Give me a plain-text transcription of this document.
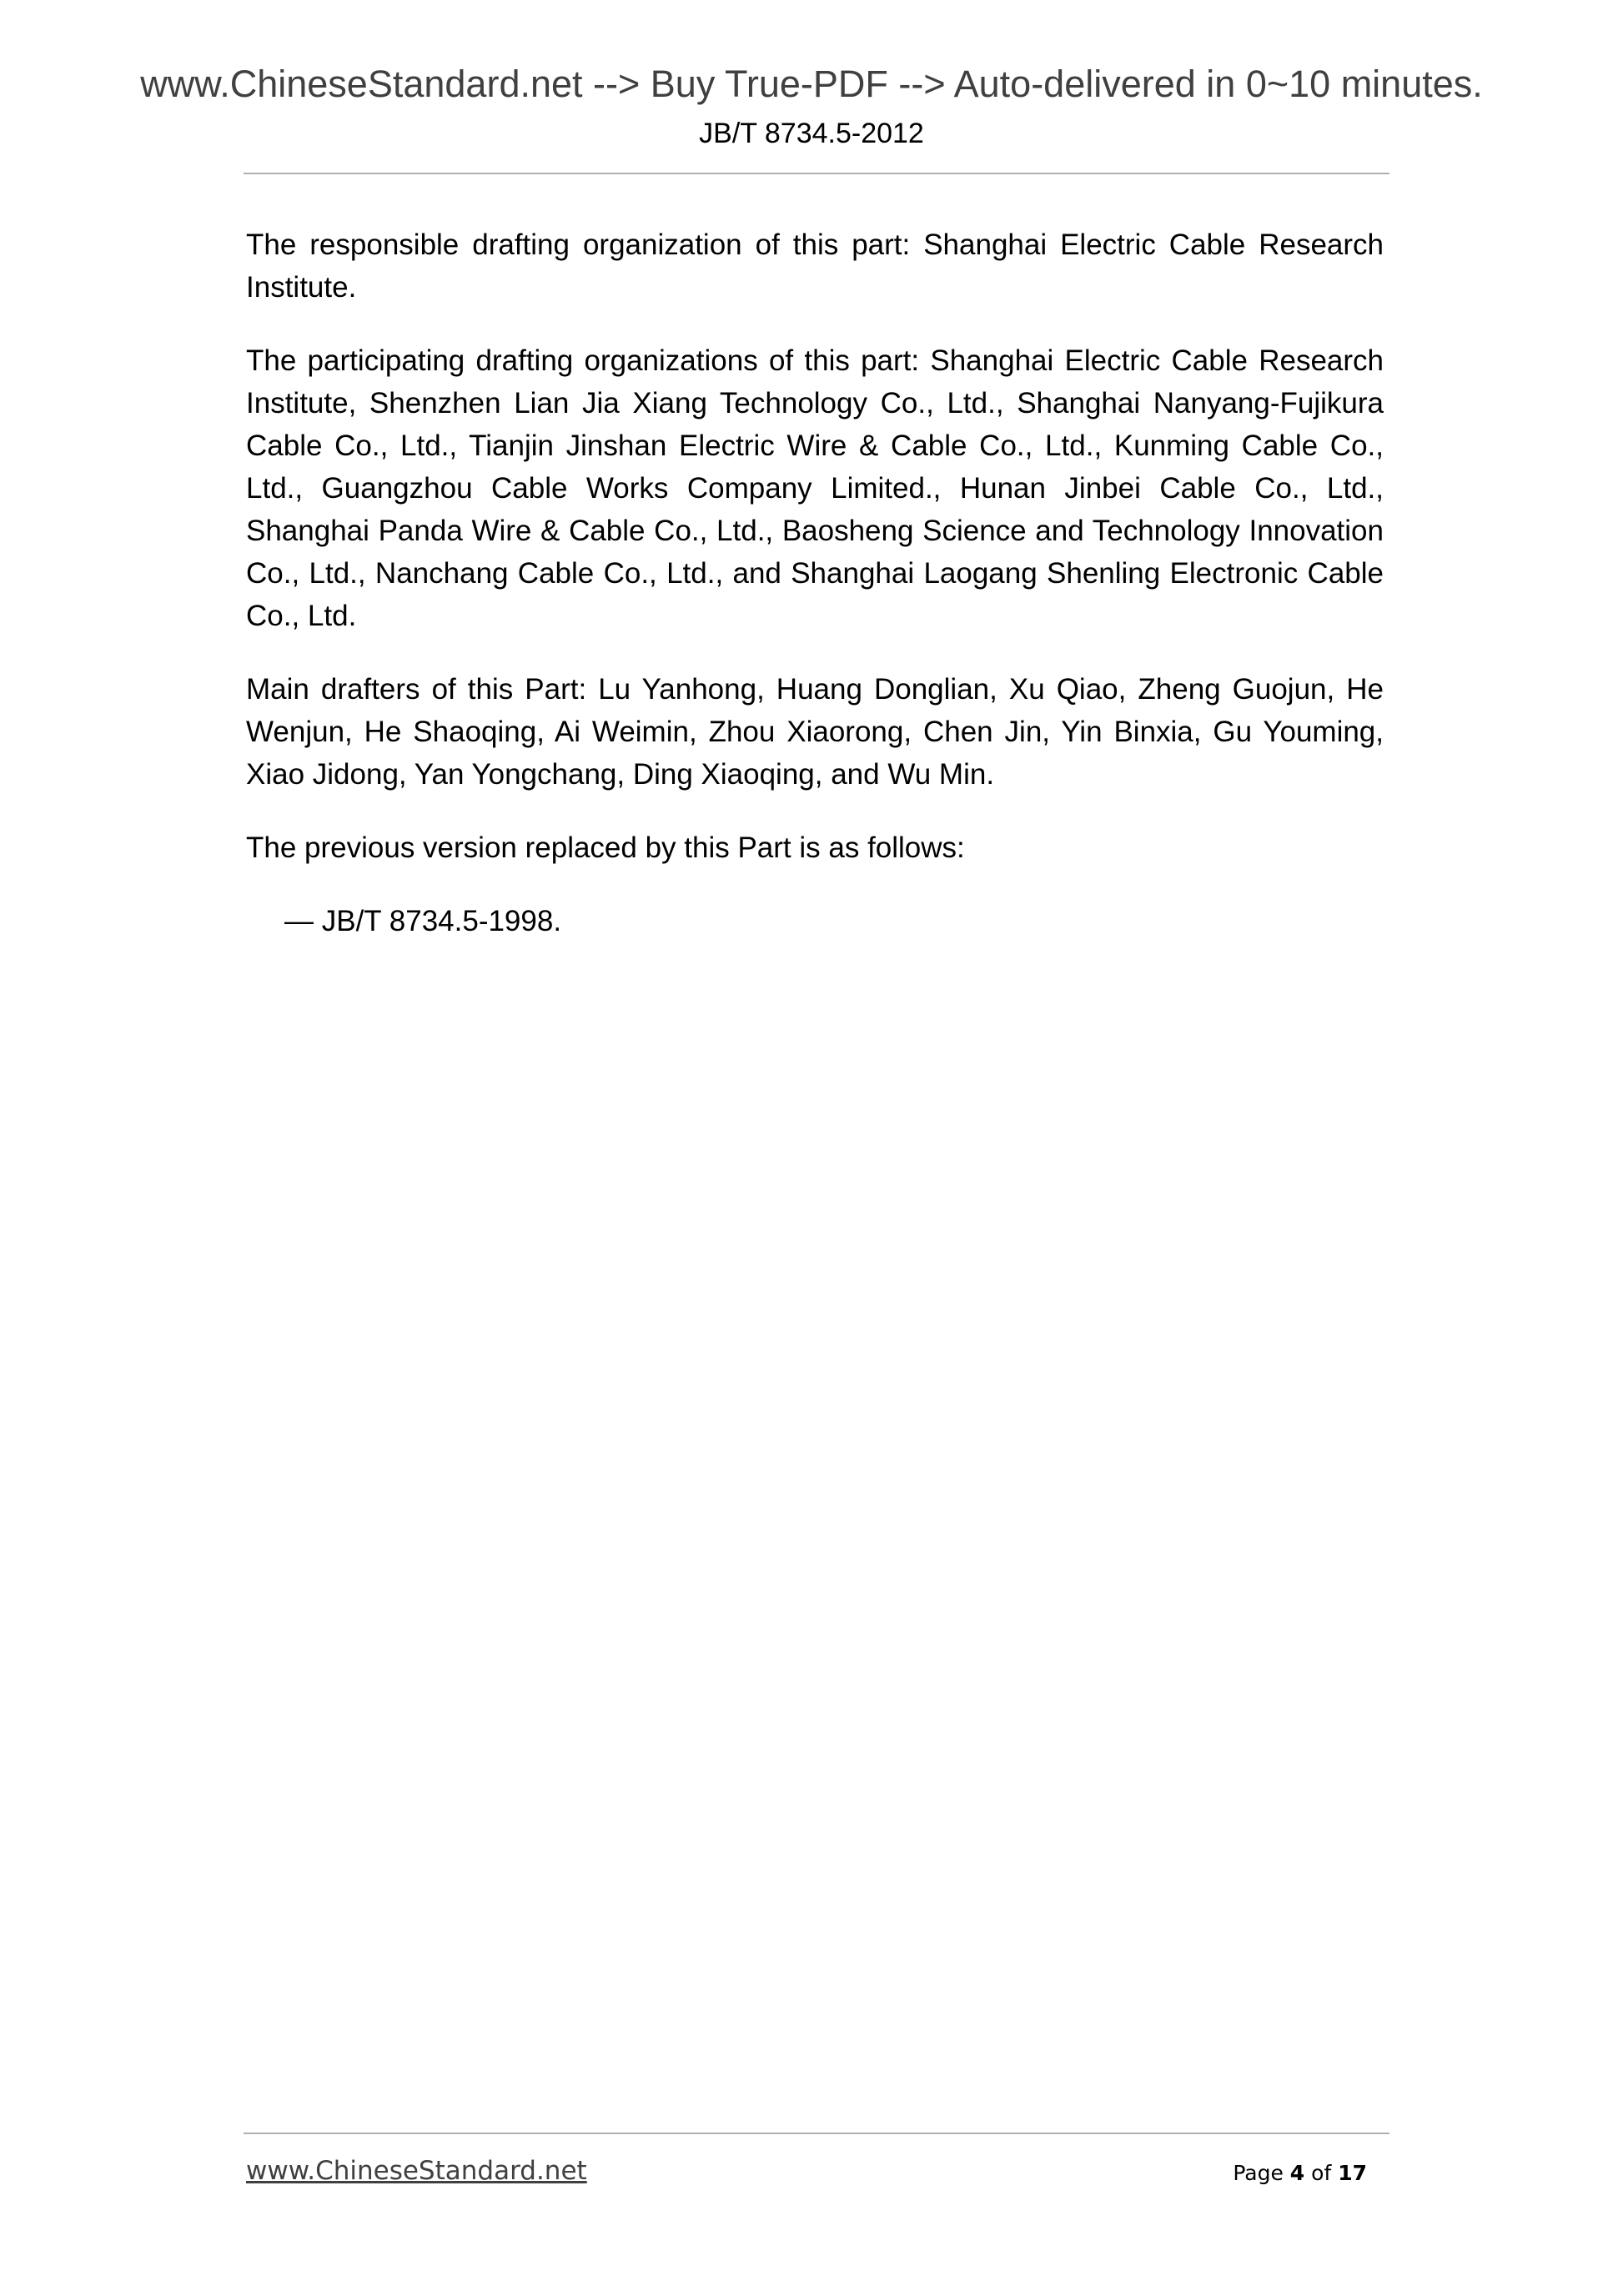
www.ChineseStandard.net --> Buy True-PDF --> Auto-delivered in 0~10 minutes.
JB/T 8734.5-2012

The responsible drafting organization of this part: Shanghai Electric Cable Research Institute.

The participating drafting organizations of this part: Shanghai Electric Cable Research Institute, Shenzhen Lian Jia Xiang Technology Co., Ltd., Shanghai Nanyang-Fujikura Cable Co., Ltd., Tianjin Jinshan Electric Wire & Cable Co., Ltd., Kunming Cable Co., Ltd., Guangzhou Cable Works Company Limited., Hunan Jinbei Cable Co., Ltd., Shanghai Panda Wire & Cable Co., Ltd., Baosheng Science and Technology Innovation Co., Ltd., Nanchang Cable Co., Ltd., and Shanghai Laogang Shenling Electronic Cable Co., Ltd.

Main drafters of this Part: Lu Yanhong, Huang Donglian, Xu Qiao, Zheng Guojun, He Wenjun, He Shaoqing, Ai Weimin, Zhou Xiaorong, Chen Jin, Yin Binxia, Gu Youming, Xiao Jidong, Yan Yongchang, Ding Xiaoqing, and Wu Min.

The previous version replaced by this Part is as follows:

— JB/T 8734.5-1998.

www.ChineseStandard.net	Page 4 of 17
